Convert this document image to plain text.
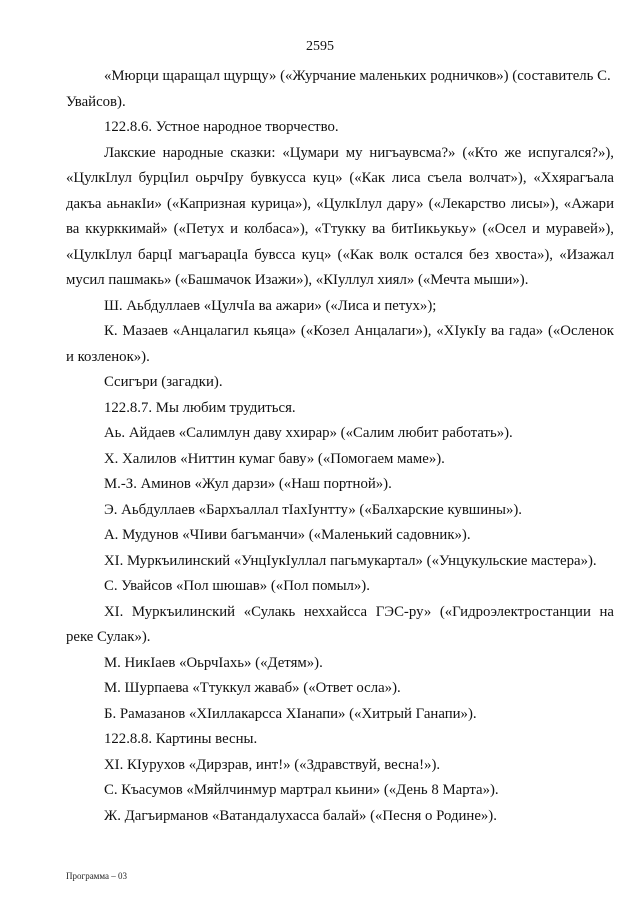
2595

«Мюрци щаращал щурщу» («Журчание маленьких родничков») (составитель С. Увайсов).

122.8.6. Устное народное творчество.

Лакские народные сказки: «Цумари му нигъаувсма?» («Кто же испугался?»), «ЦулкIлул бурцIил оьрчIру бувкусса куц» («Как лиса съела волчат»), «Ххярагъала дакъа аьнакIи» («Капризная курица»), «ЦулкIлул дару» («Лекарство лисы»), «Ажари ва ккурккимай» («Петух и колбаса»), «Ттукку ва битIикьукьу» («Осел и муравей»), «ЦулкIлул барцI магъарацIа бувсса куц» («Как волк остался без хвоста»), «Изажал мусил пашмакь» («Башмачок Изажи»), «КIуллул хиял» («Мечта мыши»).

Ш. Аьбдуллаев «ЦулчIа ва ажари» («Лиса и петух»);

К. Мазаев «Анцалагил кьяца» («Козел Анцалаги»), «ХIукIу ва гада» («Осленок и козленок»).

Ссигъри (загадки).

122.8.7. Мы любим трудиться.

Аь. Айдаев «Салимлун даву ххирар» («Салим любит работать»).

Х. Халилов «Ниттин кумаг баву» («Помогаем маме»).

М.-З. Аминов «Жул дарзи» («Наш портной»).

Э. Аьбдуллаев «Бархъаллал тIахIунтту» («Балхарские кувшины»).

А. Мудунов «ЧIиви багъманчи» («Маленький садовник»).

ХI. Муркъилинский «УнцIукIуллал пагьмукартал» («Унцукульские мастера»).

С. Увайсов «Пол шюшав» («Пол помыл»).

ХI. Муркъилинский «Сулакь неххайсса ГЭС-ру» («Гидроэлектростанции на реке Сулак»).

М. НикIаев «ОьрчIахь» («Детям»).

М. Шурпаева «Ттуккул жаваб» («Ответ осла»).

Б. Рамазанов «ХIиллакарсса ХIанапи» («Хитрый Ганапи»).

122.8.8. Картины весны.

ХI. КIурухов «Дирзрав, инт!» («Здравствуй, весна!»).

С. Къасумов «Мяйлчинмур мартрал кьини» («День 8 Марта»).

Ж. Дагъирманов «Ватандалухасса балай» («Песня о Родине»).

Программа – 03
